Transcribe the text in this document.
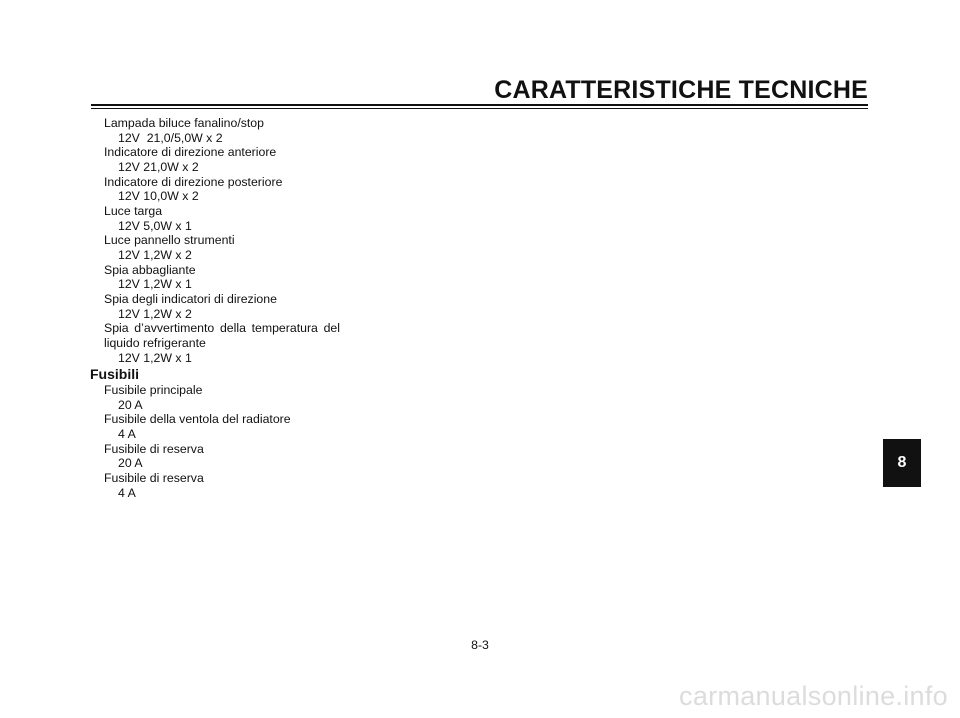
CARATTERISTICHE TECNICHE
Lampada biluce fanalino/stop
12V  21,0/5,0W x 2
Indicatore di direzione anteriore
12V 21,0W x 2
Indicatore di direzione posteriore
12V 10,0W x 2
Luce targa
12V 5,0W x 1
Luce pannello strumenti
12V 1,2W x 2
Spia abbagliante
12V 1,2W x 1
Spia degli indicatori di direzione
12V 1,2W x 2
Spia d’avvertimento della temperatura del
liquido refrigerante
12V 1,2W x 1
Fusibili
Fusibile principale
20 A
Fusibile della ventola del radiatore
4 A
Fusibile di reserva
20 A
Fusibile di reserva
4 A
8
8-3
carmanualsonline.info
